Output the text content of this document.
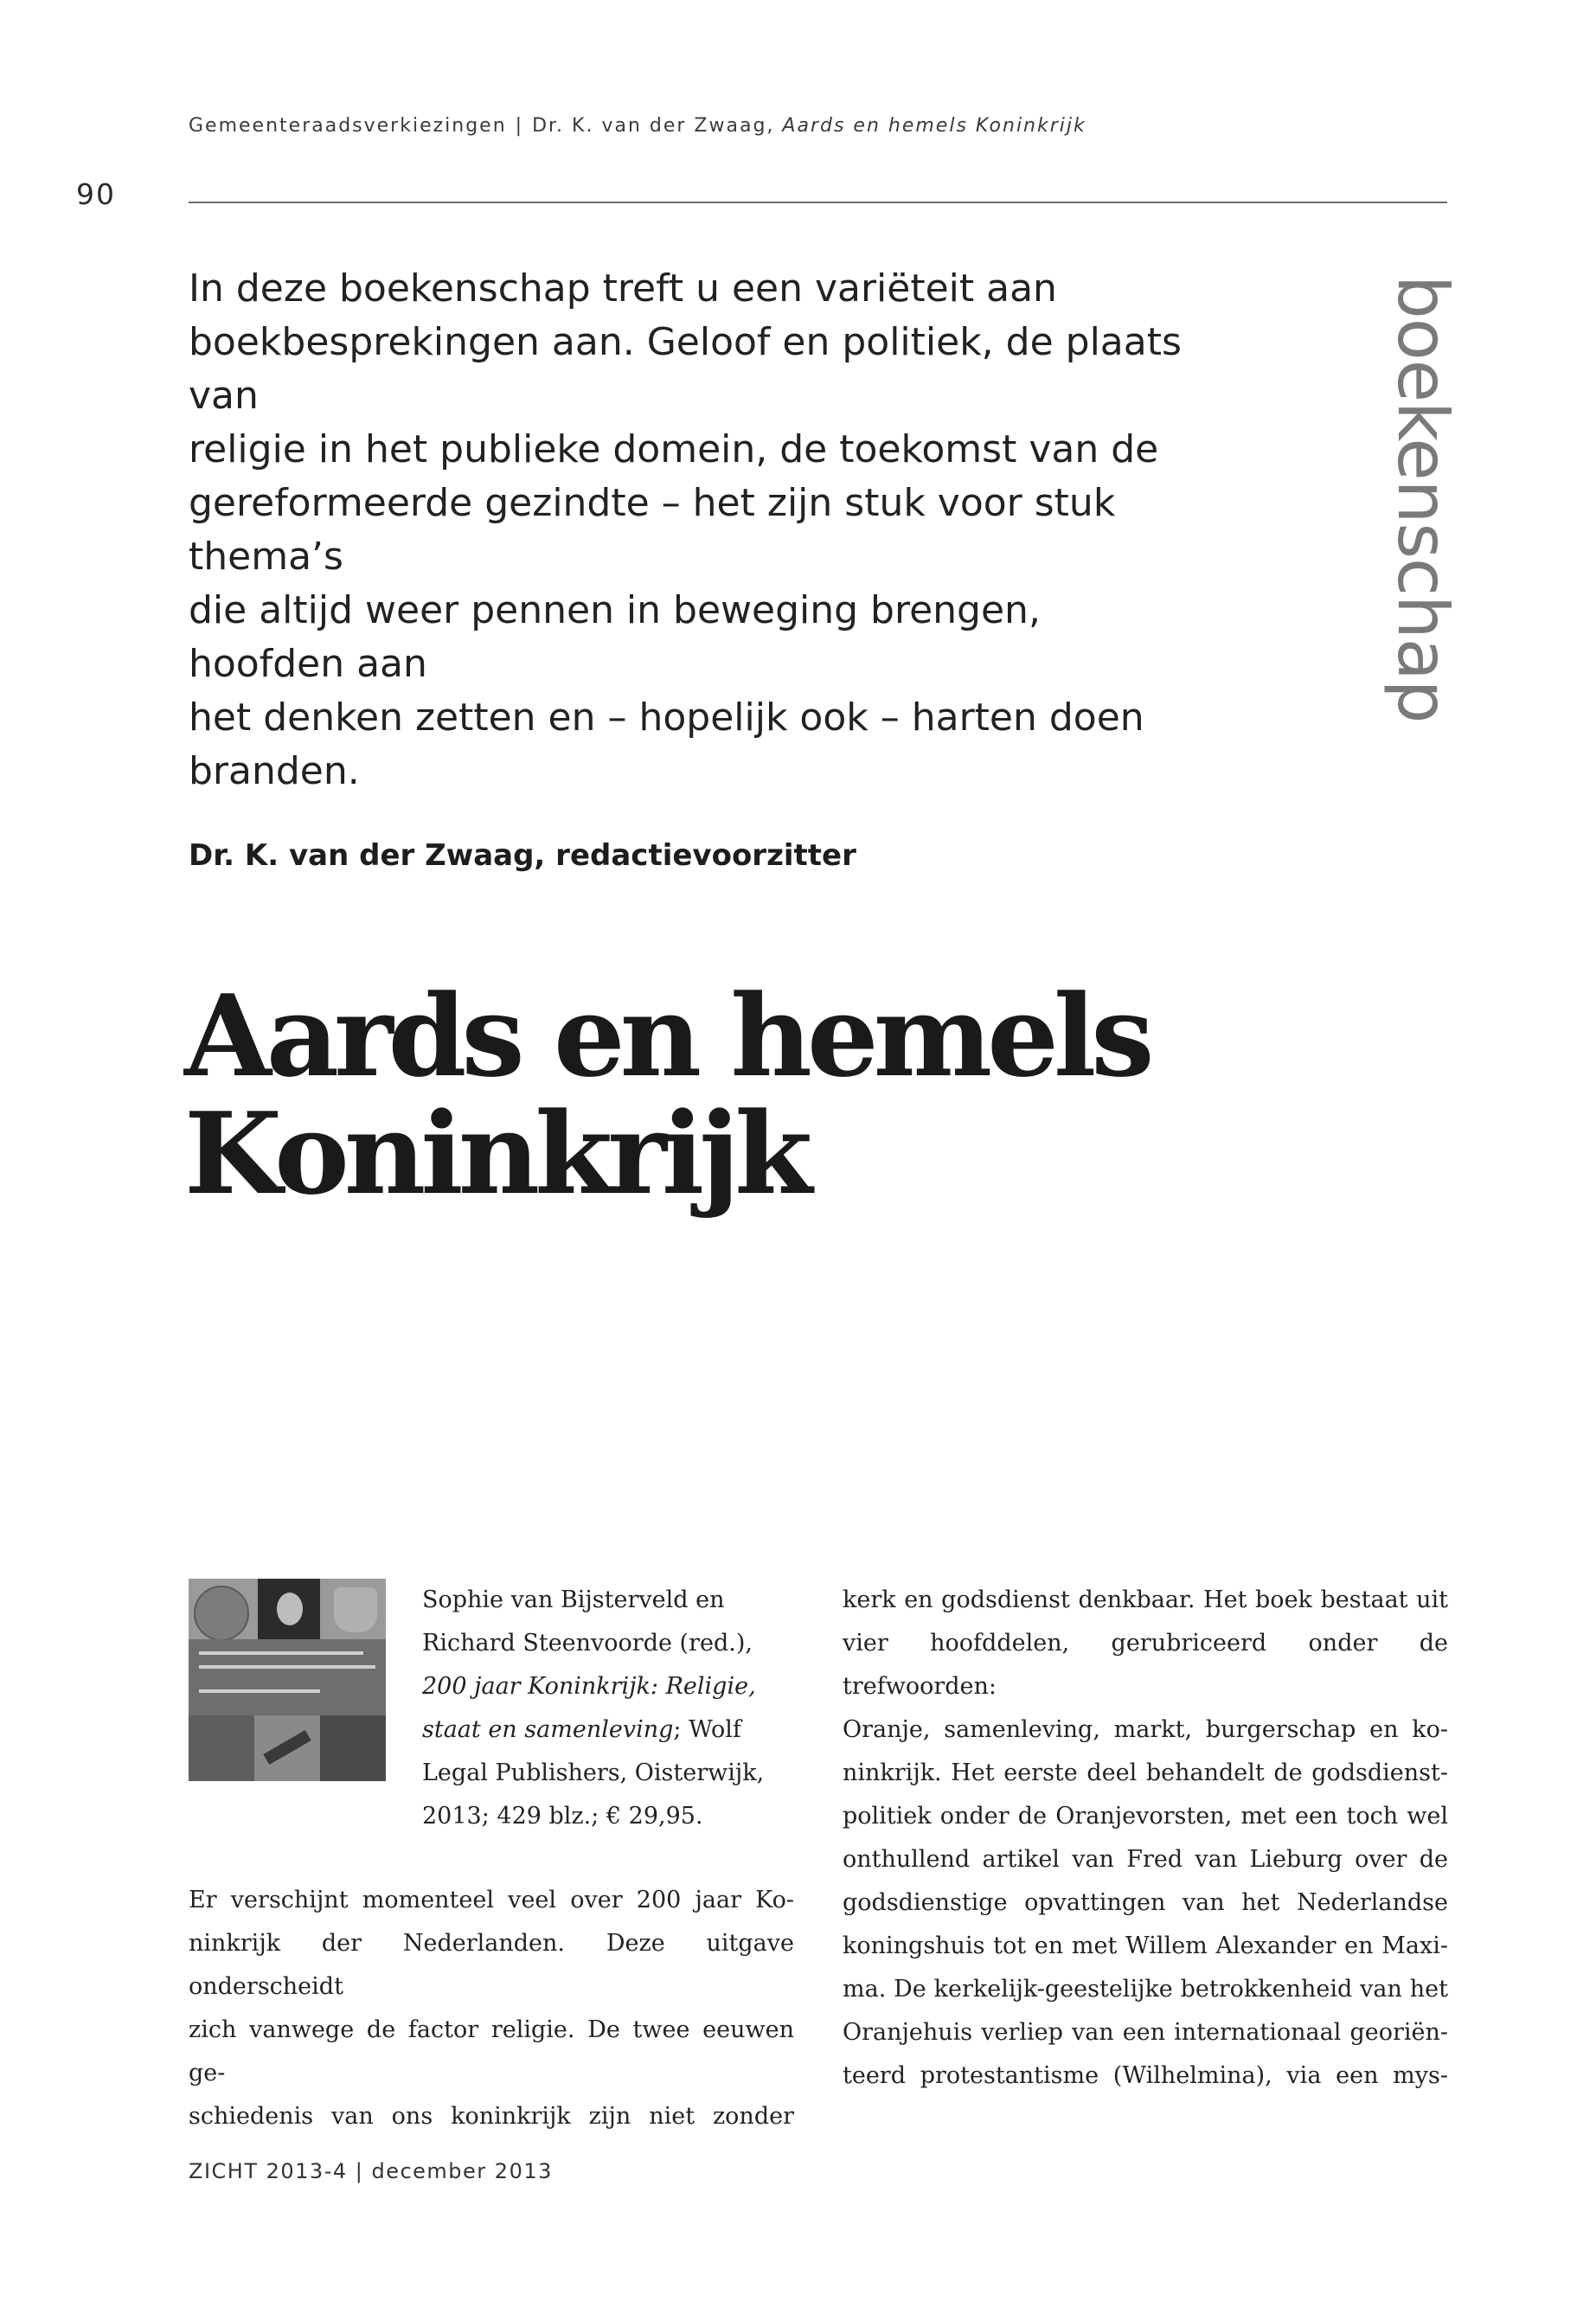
Gemeenteraadsverkiezingen | Dr. K. van der Zwaag, Aards en hemels Koninkrijk
90
In deze boekenschap treft u een variëteit aan
boekbesprekingen aan. Geloof en politiek, de plaats van
religie in het publieke domein, de toekomst van de
gereformeerde gezindte – het zijn stuk voor stuk thema’s
die altijd weer pennen in beweging brengen, hoofden aan
het denken zetten en – hopelijk ook – harten doen
branden.
boekenschap
Dr. K. van der Zwaag, redactievoorzitter
Aards en hemels
Koninkrijk
Sophie van Bijsterveld en Richard Steenvoorde (red.), 200 jaar Koninkrijk: Religie, staat en samenleving; Wolf Legal Publishers, Oisterwijk, 2013; 429 blz.; € 29,95.

Er verschijnt momenteel veel over 200 jaar Ko-

ninkrijk der Nederlanden. Deze uitgave onderscheidt

zich vanwege de factor religie. De twee eeuwen ge-

schiedenis van ons koninkrijk zijn niet zonder

kerk en godsdienst denkbaar. Het boek bestaat uit

vier hoofddelen, gerubriceerd onder de trefwoorden:

Oranje, samenleving, markt, burgerschap en ko-

ninkrijk. Het eerste deel behandelt de godsdienst-

politiek onder de Oranjevorsten, met een toch wel

onthullend artikel van Fred van Lieburg over de

godsdienstige opvattingen van het Nederlandse

koningshuis tot en met Willem Alexander en Maxi-

ma. De kerkelijk-geestelijke betrokkenheid van het

Oranjehuis verliep van een internationaal georiën-

teerd protestantisme (Wilhelmina), via een mys-

ZICHT 2013-4 | december 2013
